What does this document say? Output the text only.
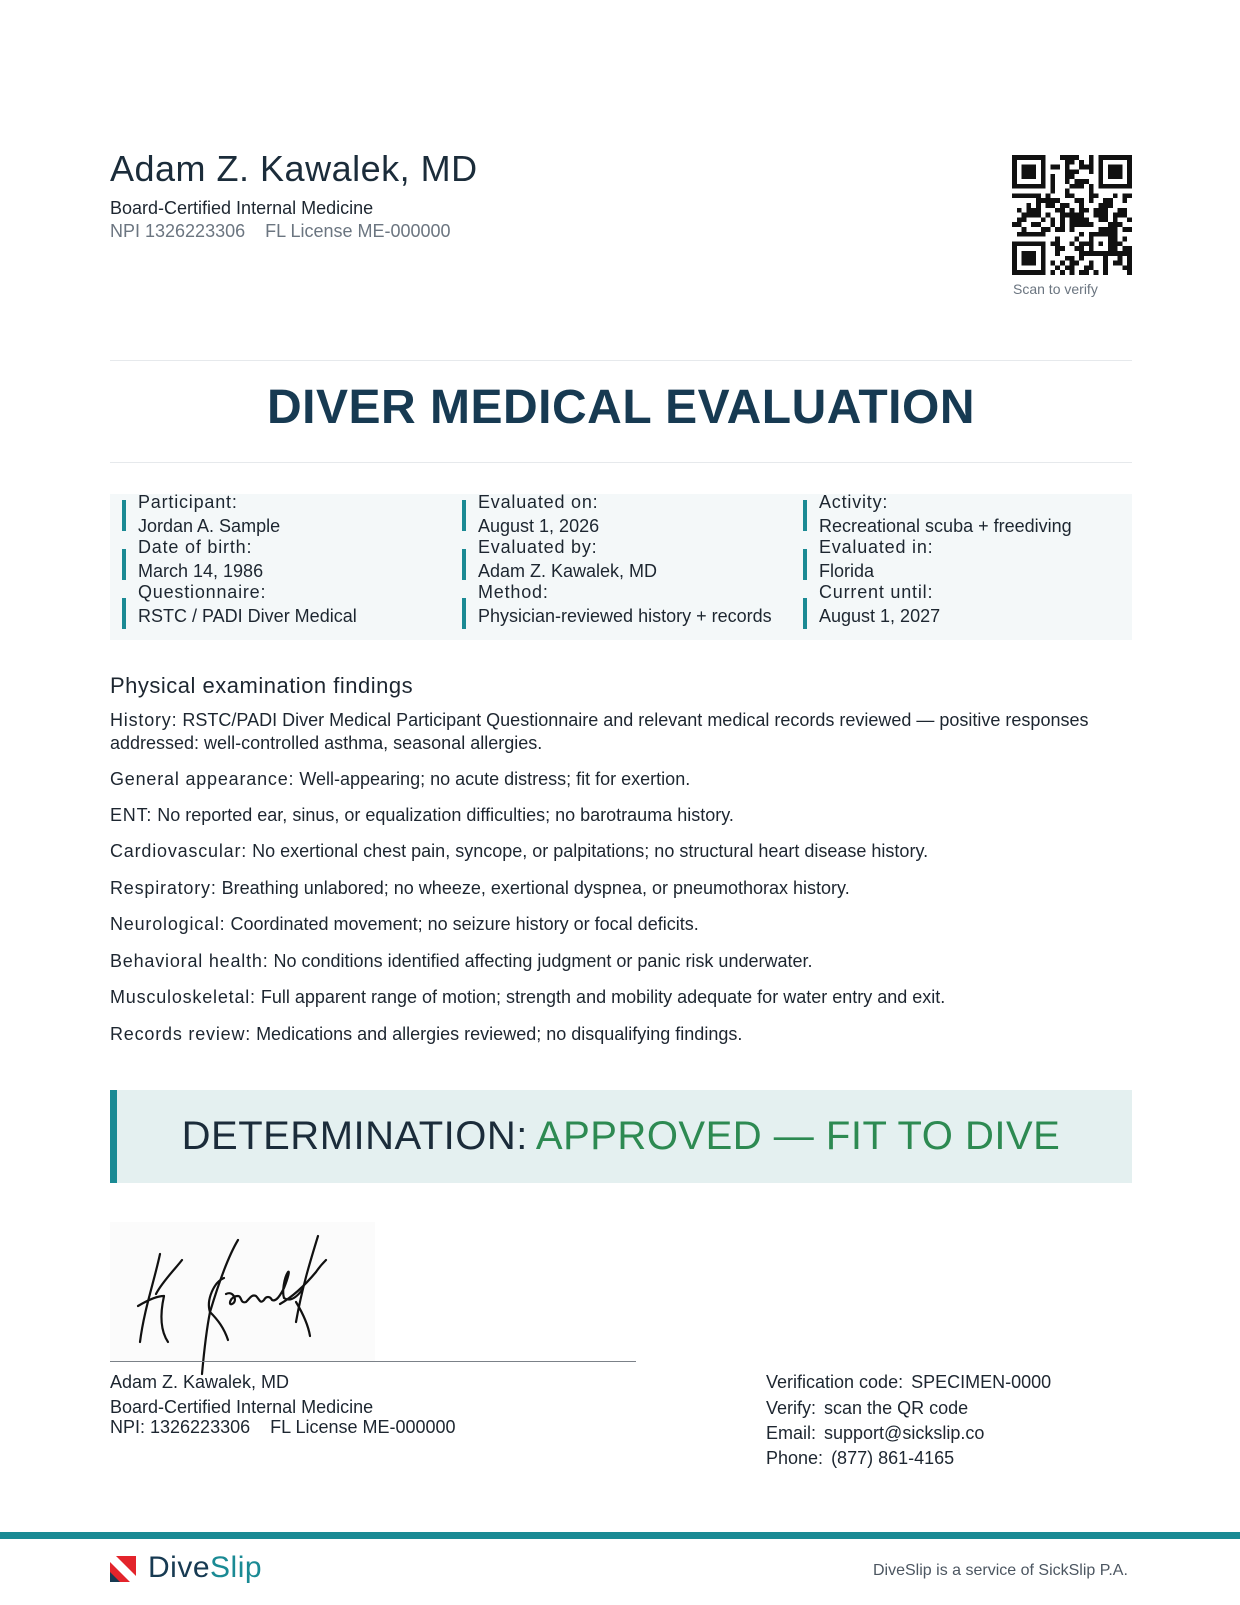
Adam Z. Kawalek, MD
Board-Certified Internal Medicine
NPI 1326223306 FL License ME-000000
Scan to verify
DIVER MEDICAL EVALUATION
Participant:
Jordan A. Sample
Date of birth:
March 14, 1986
Questionnaire:
RSTC / PADI Diver Medical
Evaluated on:
August 1, 2026
Evaluated by:
Adam Z. Kawalek, MD
Method:
Physician-reviewed history + records
Activity:
Recreational scuba + freediving
Evaluated in:
Florida
Current until:
August 1, 2027
Physical examination findings
History: RSTC/PADI Diver Medical Participant Questionnaire and relevant medical records reviewed — positive responses addressed: well-controlled asthma, seasonal allergies.
General appearance: Well-appearing; no acute distress; fit for exertion.
ENT: No reported ear, sinus, or equalization difficulties; no barotrauma history.
Cardiovascular: No exertional chest pain, syncope, or palpitations; no structural heart disease history.
Respiratory: Breathing unlabored; no wheeze, exertional dyspnea, or pneumothorax history.
Neurological: Coordinated movement; no seizure history or focal deficits.
Behavioral health: No conditions identified affecting judgment or panic risk underwater.
Musculoskeletal: Full apparent range of motion; strength and mobility adequate for water entry and exit.
Records review: Medications and allergies reviewed; no disqualifying findings.
DETERMINATION: APPROVED — FIT TO DIVE
Adam Z. Kawalek, MD
Board-Certified Internal Medicine
NPI: 1326223306 FL License ME-000000
Verification code: SPECIMEN-0000
Verify: scan the QR code
Email: support@sickslip.co
Phone: (877) 861-4165
DiveSlip	DiveSlip is a service of SickSlip P.A.
